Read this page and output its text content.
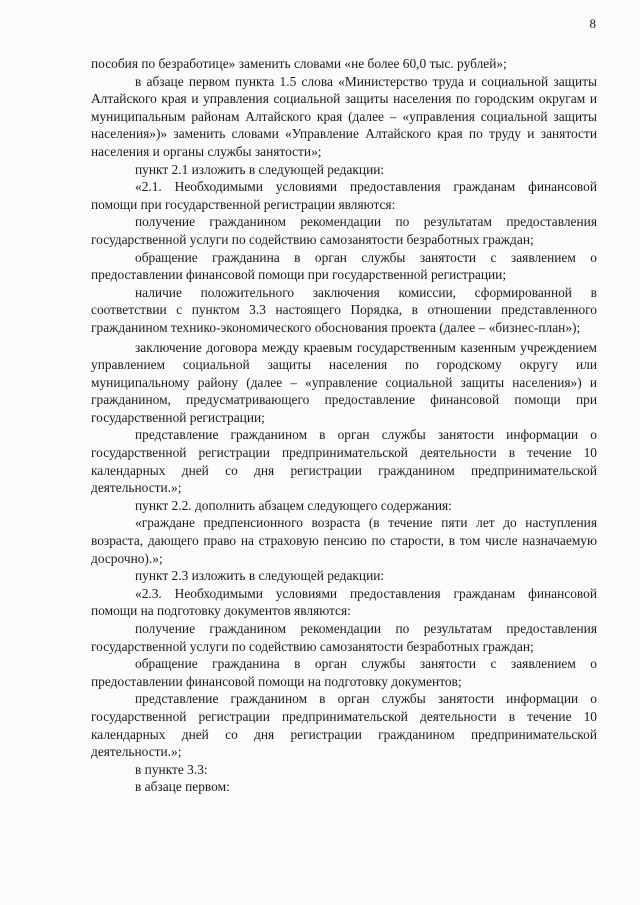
8

пособия по безработице» заменить словами «не более 60,0 тыс. рублей»;

в абзаце первом пункта 1.5 слова «Министерство труда и социальной защиты Алтайского края и управления социальной защиты населения по городским округам и муниципальным районам Алтайского края (далее – «управления социальной защиты населения»)» заменить словами «Управление Алтайского края по труду и занятости населения и органы службы занятости»;

пункт 2.1 изложить в следующей редакции:

«2.1. Необходимыми условиями предоставления гражданам финансовой помощи при государственной регистрации являются:

получение гражданином рекомендации по результатам предоставления государственной услуги по содействию самозанятости безработных граждан;

обращение гражданина в орган службы занятости с заявлением о предоставлении финансовой помощи при государственной регистрации;

наличие положительного заключения комиссии, сформированной в соответствии с пунктом 3.3 настоящего Порядка, в отношении представленного гражданином технико-экономического обоснования проекта (далее – «бизнес-план»);

заключение договора между краевым государственным казенным учреждением управлением социальной защиты населения по городскому округу или муниципальному району (далее – «управление социальной защиты населения») и гражданином, предусматривающего предоставление финансовой помощи при государственной регистрации;

представление гражданином в орган службы занятости информации о государственной регистрации предпринимательской деятельности в течение 10 календарных дней со дня регистрации гражданином предпринимательской деятельности.»;

пункт 2.2. дополнить абзацем следующего содержания:

«граждане предпенсионного возраста (в течение пяти лет до наступления возраста, дающего право на страховую пенсию по старости, в том числе назначаемую досрочно).»;

пункт 2.3 изложить в следующей редакции:

«2.3. Необходимыми условиями предоставления гражданам финансовой помощи на подготовку документов являются:

получение гражданином рекомендации по результатам предоставления государственной услуги по содействию самозанятости безработных граждан;

обращение гражданина в орган службы занятости с заявлением о предоставлении финансовой помощи на подготовку документов;

представление гражданином в орган службы занятости информации о государственной регистрации предпринимательской деятельности в течение 10 календарных дней со дня регистрации гражданином предпринимательской деятельности.»;

в пункте 3.3:

в абзаце первом:
